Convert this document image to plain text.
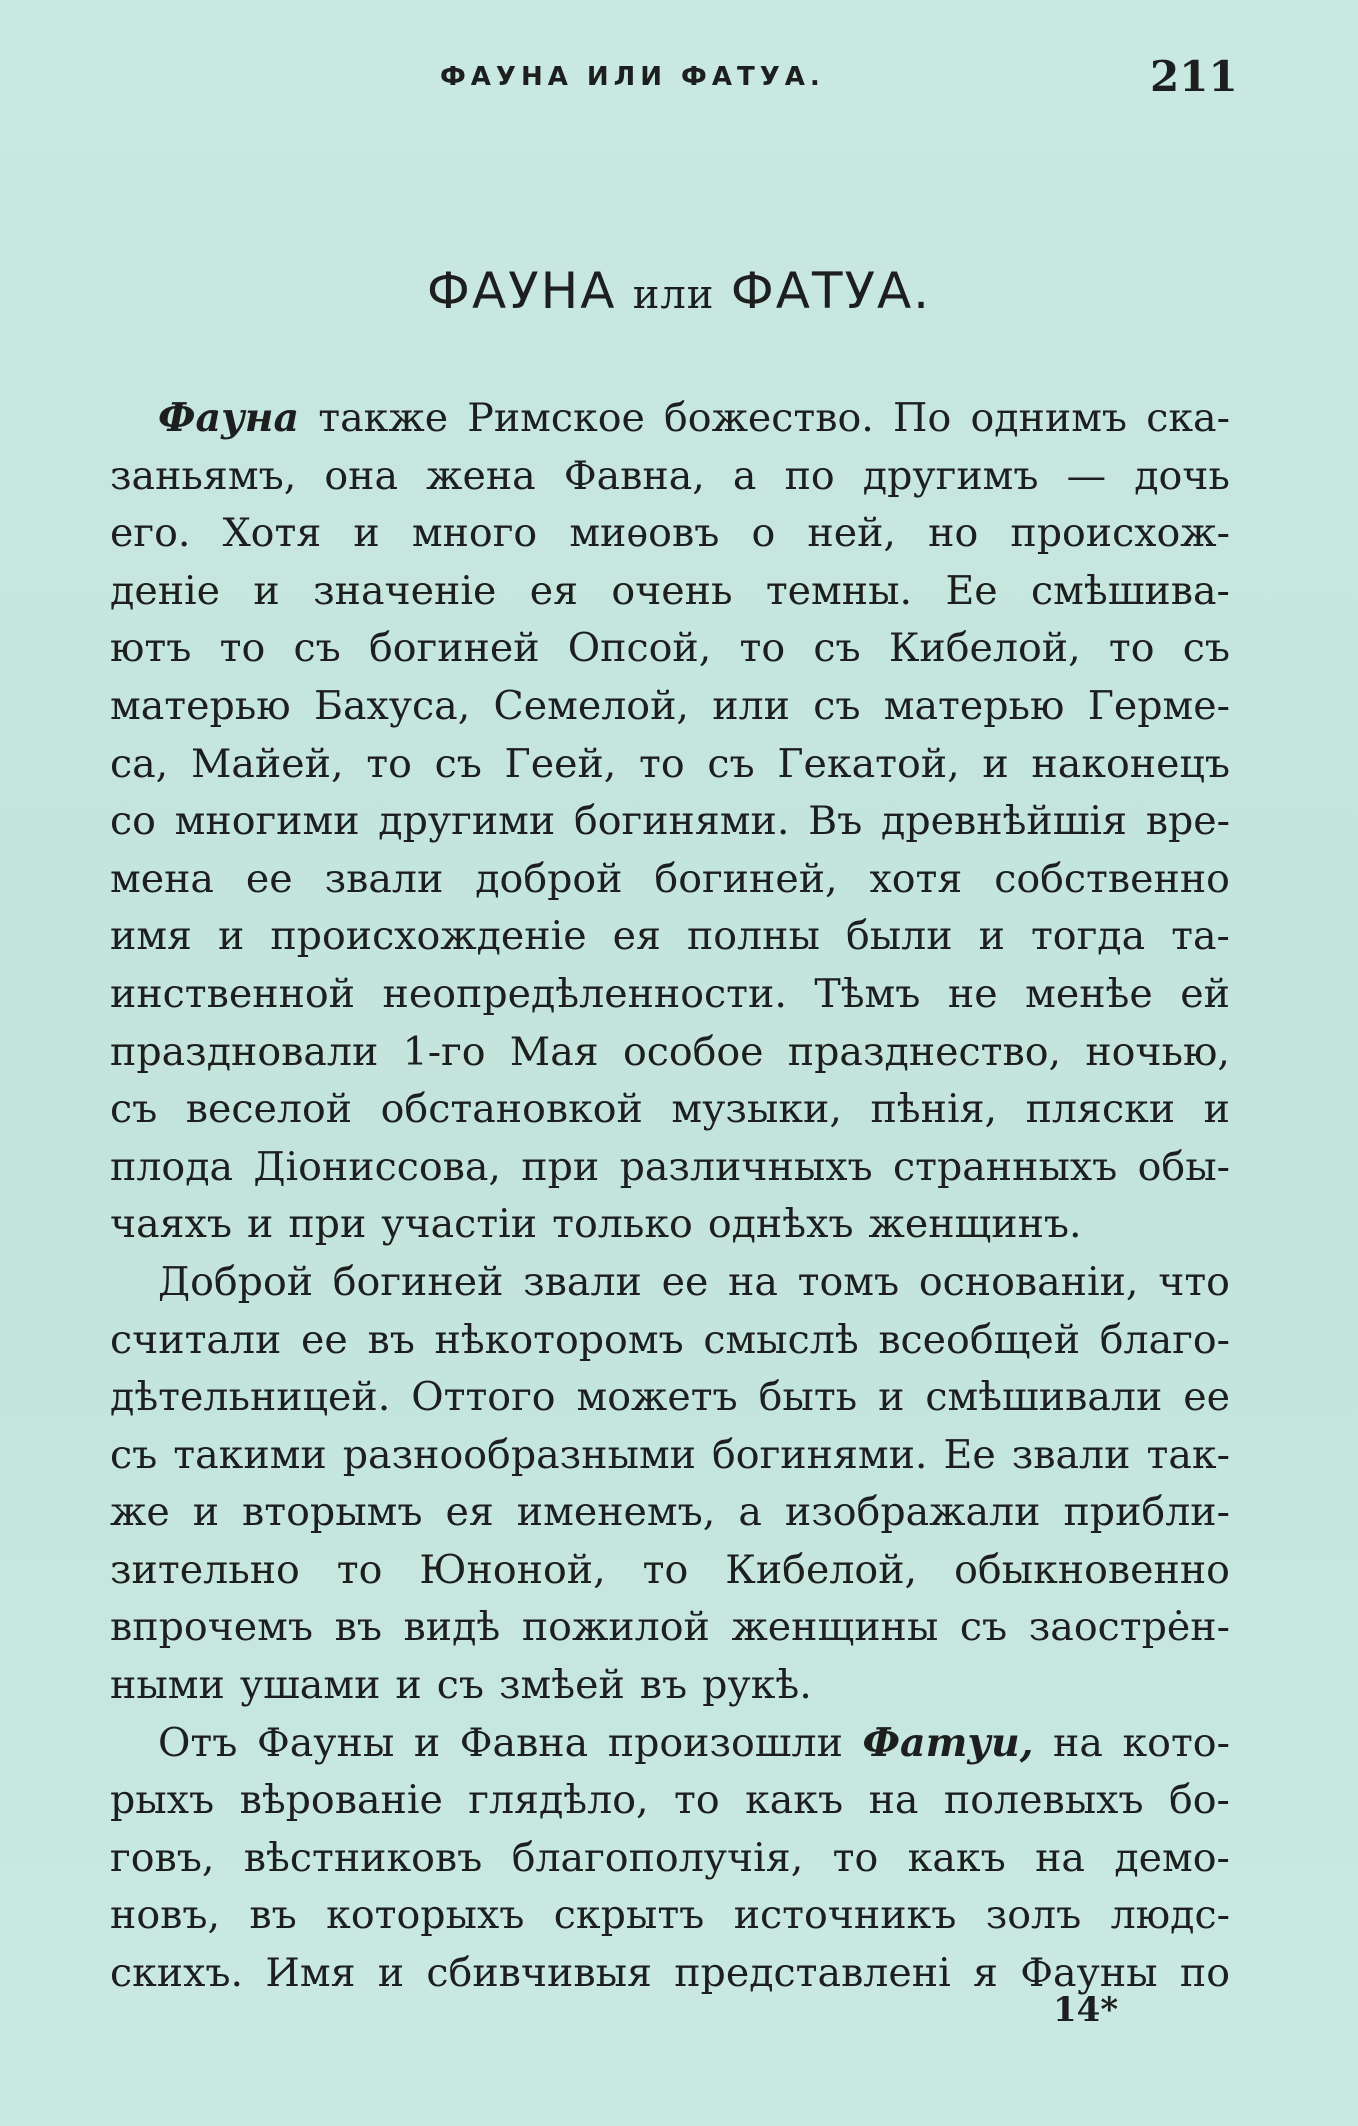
ФАУНА ИЛИ ФАТУА.	211
ФАУНА или ФАТУА.
Фауна также Римское божество. По однимъ ска-
заньямъ, она жена Фавна, а по другимъ — дочь
его. Хотя и много миѳовъ о ней, но происхож-
деніе и значеніе ея очень темны. Ее смѣшива-
ютъ то съ богиней Опсой, то съ Кибелой, то съ
матерью Бахуса, Семелой, или съ матерью Герме-
са, Майей, то съ Геей, то съ Гекатой, и наконецъ
со многими другими богинями. Въ древнѣйшія вре-
мена ее звали доброй богиней, хотя собственно
имя и происхожденіе ея полны были и тогда та-
инственной неопредѣленности. Тѣмъ не менѣе ей
праздновали 1-го Мая особое празднество, ночью,
съ веселой обстановкой музыки, пѣнія, пляски и
плода Діониссова, при различныхъ странныхъ обы-
чаяхъ и при участіи только однѣхъ женщинъ.
Доброй богиней звали ее на томъ основаніи, что
считали ее въ нѣкоторомъ смыслѣ всеобщей благо-
дѣтельницей. Оттого можетъ быть и смѣшивали ее
съ такими разнообразными богинями. Ее звали так-
же и вторымъ ея именемъ, а изображали прибли-
зительно то Юноной, то Кибелой, обыкновенно
впрочемъ въ видѣ пожилой женщины съ заостре̇н-
ными ушами и съ змѣей въ рукѣ.
Отъ Фауны и Фавна произошли Фатуи, на кото-
рыхъ вѣрованіе глядѣло, то какъ на полевыхъ бо-
говъ, вѣстниковъ благополучія, то какъ на демо-
новъ, въ которыхъ скрытъ источникъ золъ людс-
скихъ. Имя и сбивчивыя представлені я Фауны по
14*
